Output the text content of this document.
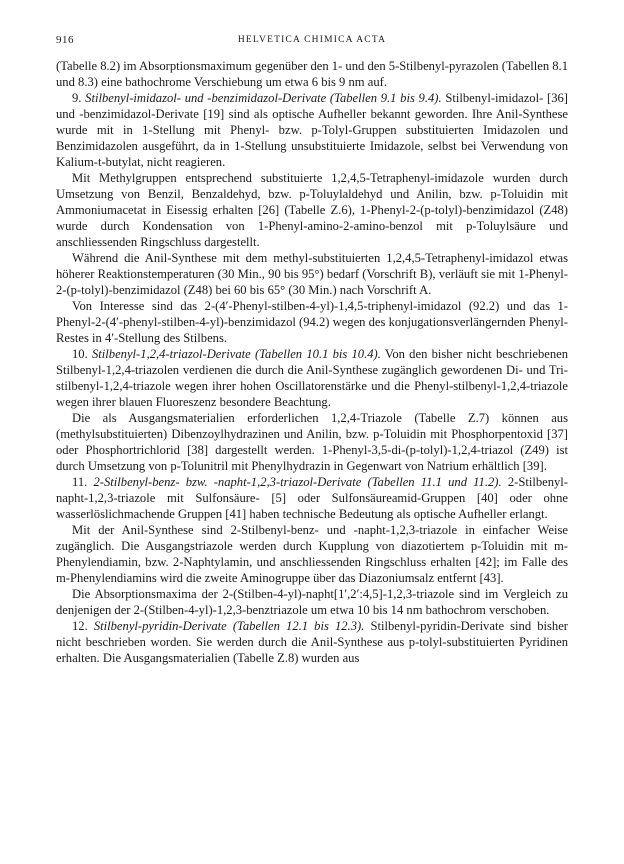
916	HELVETICA CHIMICA ACTA

(Tabelle 8.2) im Absorptionsmaximum gegenüber den 1- und den 5-Stilbenyl-pyrazolen (Tabellen 8.1 und 8.3) eine bathochrome Verschiebung um etwa 6 bis 9 nm auf.

9. Stilbenyl-imidazol- und -benzimidazol-Derivate (Tabellen 9.1 bis 9.4). Stilbenyl-imidazol- [36] und -benzimidazol-Derivate [19] sind als optische Aufheller bekannt geworden. Ihre Anil-Synthese wurde mit in 1-Stellung mit Phenyl- bzw. p-Tolyl-Gruppen substituierten Imidazolen und Benzimidazolen ausgeführt, da in 1-Stellung unsubstituierte Imidazole, selbst bei Verwendung von Kalium-t-butylat, nicht reagieren.

Mit Methylgruppen entsprechend substituierte 1,2,4,5-Tetraphenyl-imidazole wurden durch Umsetzung von Benzil, Benzaldehyd, bzw. p-Toluylaldehyd und Anilin, bzw. p-Toluidin mit Ammoniumacetat in Eisessig erhalten [26] (Tabelle Z.6), 1-Phenyl-2-(p-tolyl)-benzimidazol (Z48) wurde durch Kondensation von 1-Phenyl-amino-2-amino-benzol mit p-Toluylsäure und anschliessenden Ringschluss dargestellt.

Während die Anil-Synthese mit dem methyl-substituierten 1,2,4,5-Tetraphenyl-imidazol etwas höherer Reaktionstemperaturen (30 Min., 90 bis 95°) bedarf (Vorschrift B), verläuft sie mit 1-Phenyl-2-(p-tolyl)-benzimidazol (Z48) bei 60 bis 65° (30 Min.) nach Vorschrift A.

Von Interesse sind das 2-(4′-Phenyl-stilben-4-yl)-1,4,5-triphenyl-imidazol (92.2) und das 1-Phenyl-2-(4′-phenyl-stilben-4-yl)-benzimidazol (94.2) wegen des konjugationsverlängernden Phenyl-Restes in 4′-Stellung des Stilbens.

10. Stilbenyl-1,2,4-triazol-Derivate (Tabellen 10.1 bis 10.4). Von den bisher nicht beschriebenen Stilbenyl-1,2,4-triazolen verdienen die durch die Anil-Synthese zugänglich gewordenen Di- und Tri-stilbenyl-1,2,4-triazole wegen ihrer hohen Oscillatorenstärke und die Phenyl-stilbenyl-1,2,4-triazole wegen ihrer blauen Fluoreszenz besondere Beachtung.

Die als Ausgangsmaterialien erforderlichen 1,2,4-Triazole (Tabelle Z.7) können aus (methylsubstituierten) Dibenzoylhydrazinen und Anilin, bzw. p-Toluidin mit Phosphorpentoxid [37] oder Phosphortrichlorid [38] dargestellt werden. 1-Phenyl-3,5-di-(p-tolyl)-1,2,4-triazol (Z49) ist durch Umsetzung von p-Tolunitril mit Phenylhydrazin in Gegenwart von Natrium erhältlich [39].

11. 2-Stilbenyl-benz- bzw. -napht-1,2,3-triazol-Derivate (Tabellen 11.1 und 11.2). 2-Stilbenyl-napht-1,2,3-triazole mit Sulfonsäure- [5] oder Sulfonsäureamid-Gruppen [40] oder ohne wasserlöslichmachende Gruppen [41] haben technische Bedeutung als optische Aufheller erlangt.

Mit der Anil-Synthese sind 2-Stilbenyl-benz- und -napht-1,2,3-triazole in einfacher Weise zugänglich. Die Ausgangstriazole werden durch Kupplung von diazotiertem p-Toluidin mit m-Phenylendiamin, bzw. 2-Naphtylamin, und anschliessenden Ringschluss erhalten [42]; im Falle des m-Phenylendiamins wird die zweite Aminogruppe über das Diazoniumsalz entfernt [43].

Die Absorptionsmaxima der 2-(Stilben-4-yl)-napht[1′,2′:4,5]-1,2,3-triazole sind im Vergleich zu denjenigen der 2-(Stilben-4-yl)-1,2,3-benztriazole um etwa 10 bis 14 nm bathochrom verschoben.

12. Stilbenyl-pyridin-Derivate (Tabellen 12.1 bis 12.3). Stilbenyl-pyridin-Derivate sind bisher nicht beschrieben worden. Sie werden durch die Anil-Synthese aus p-tolyl-substituierten Pyridinen erhalten. Die Ausgangsmaterialien (Tabelle Z.8) wurden aus
